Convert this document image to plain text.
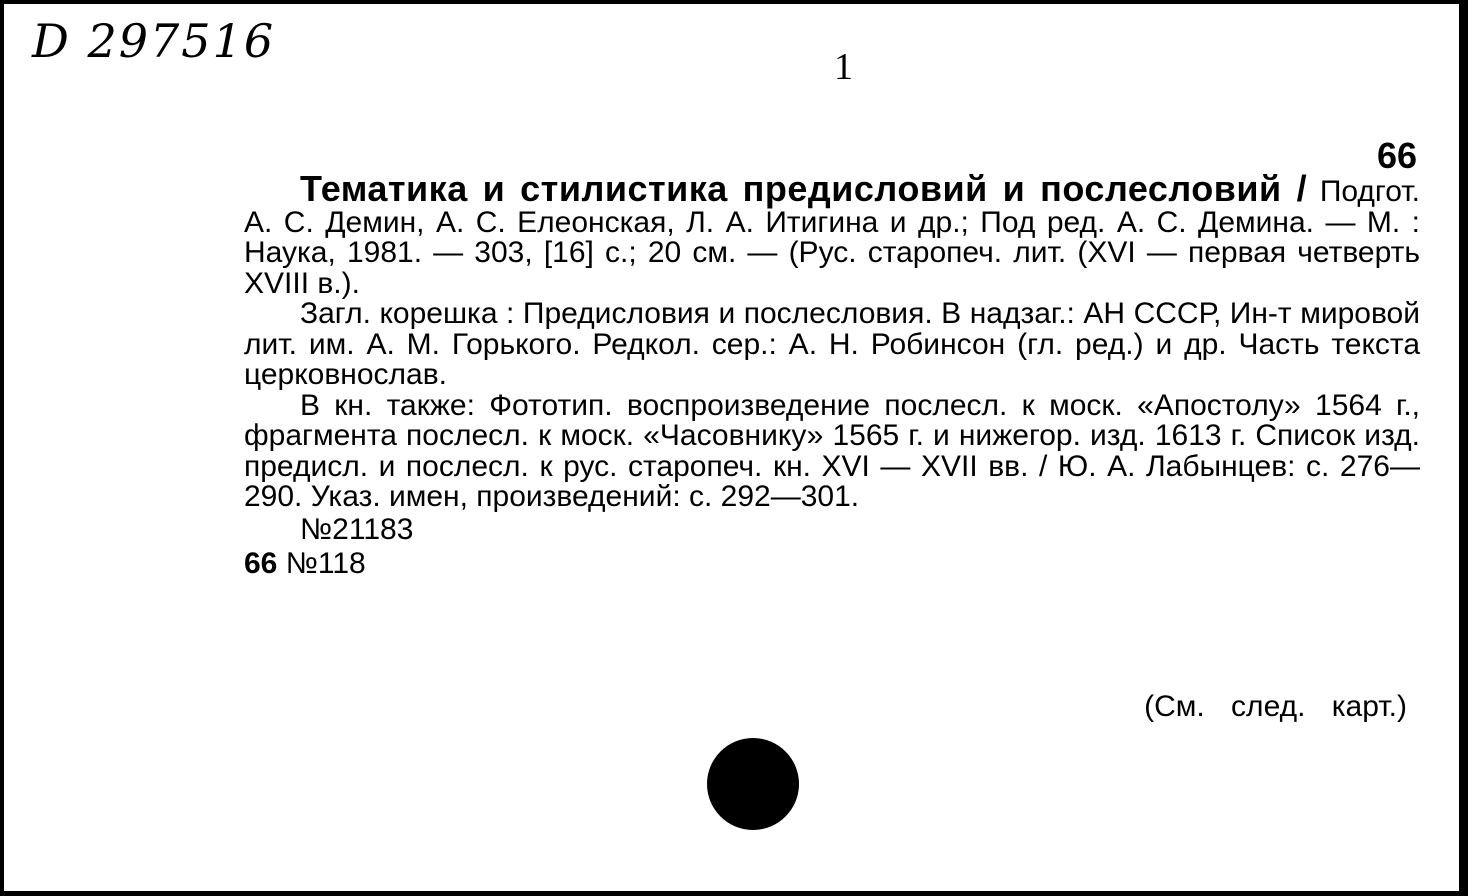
D 297516	1
66

Тематика и стилистика предисловий и послесловий / Подгот. А. С. Демин, А. С. Елеонская, Л. А. Итигина и др.; Под ред. А. С. Демина. — М. : Наука, 1981. — 303, [16] с.; 20 см. — (Рус. старопеч. лит. (XVI — первая четверть XVIII в.).

Загл. корешка : Предисловия и послесловия. В надзаг.: АН СССР, Ин-т мировой лит. им. А. М. Горького. Редкол. сер.: А. Н. Робинсон (гл. ред.) и др. Часть текста церковнослав.

В кн. также: Фототип. воспроизведение послесл. к моск. «Апостолу» 1564 г., фрагмента послесл. к моск. «Часовнику» 1565 г. и нижегор. изд. 1613 г. Список изд. предисл. и послесл. к рус. старопеч. кн. XVI — XVII вв. / Ю. А. Лабынцев: с. 276—290. Указ. имен, произведений: с. 292—301.

№21183

66 №118

(См. след. карт.)
